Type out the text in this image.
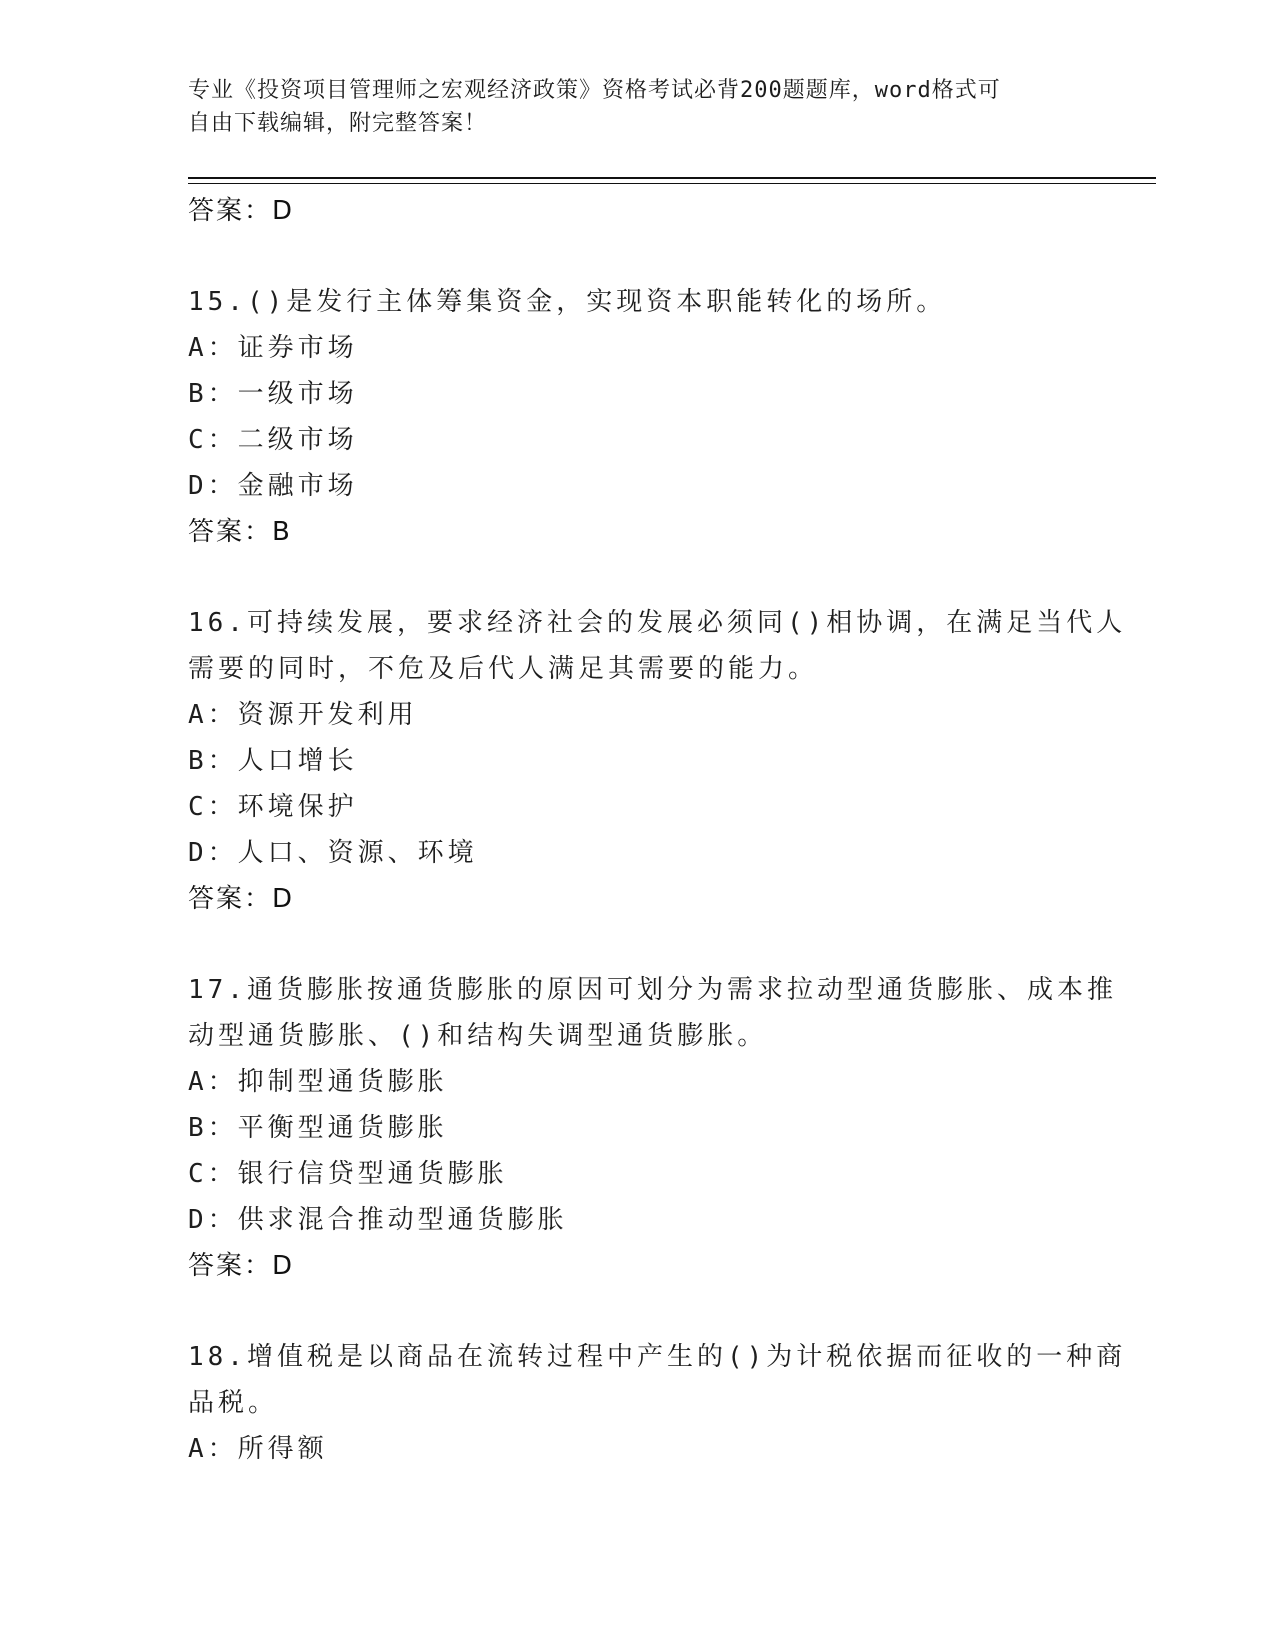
专业《投资项目管理师之宏观经济政策》资格考试必背200题题库，word格式可
自由下载编辑，附完整答案！
答案：D
15.()是发行主体筹集资金，实现资本职能转化的场所。
A：证券市场
B：一级市场
C：二级市场
D：金融市场
答案：B
16.可持续发展，要求经济社会的发展必须同()相协调，在满足当代人
需要的同时，不危及后代人满足其需要的能力。
A：资源开发利用
B：人口增长
C：环境保护
D：人口、资源、环境
答案：D
17.通货膨胀按通货膨胀的原因可划分为需求拉动型通货膨胀、成本推
动型通货膨胀、()和结构失调型通货膨胀。
A：抑制型通货膨胀
B：平衡型通货膨胀
C：银行信贷型通货膨胀
D：供求混合推动型通货膨胀
答案：D
18.增值税是以商品在流转过程中产生的()为计税依据而征收的一种商
品税。
A：所得额
